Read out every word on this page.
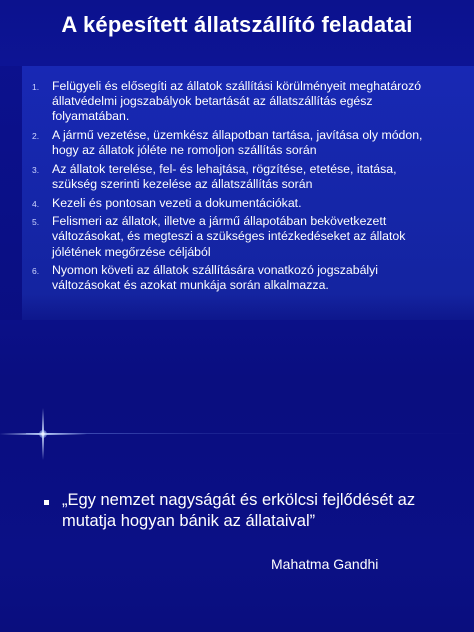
A képesített állatszállító feladatai
1. Felügyeli és elősegíti az állatok szállítási körülményeit meghatározó állatvédelmi jogszabályok betartását az állatszállítás egész folyamatában.
2. A jármű vezetése, üzemkész állapotban tartása, javítása oly módon, hogy az állatok jóléte ne romoljon szállítás során
3. Az állatok terelése, fel- és lehajtása, rögzítése, etetése, itatása, szükség szerinti kezelése az állatszállítás során
4. Kezeli és pontosan vezeti a dokumentációkat.
5. Felismeri az állatok, illetve a jármű állapotában bekövetkezett változásokat, és megteszi a szükséges intézkedéseket az állatok jólétének megőrzése céljából
6. Nyomon követi az állatok szállítására vonatkozó jogszabályi változásokat és azokat munkája során alkalmazza.
„Egy nemzet nagyságát és erkölcsi fejlődését az mutatja hogyan bánik az állataival”
Mahatma Gandhi
